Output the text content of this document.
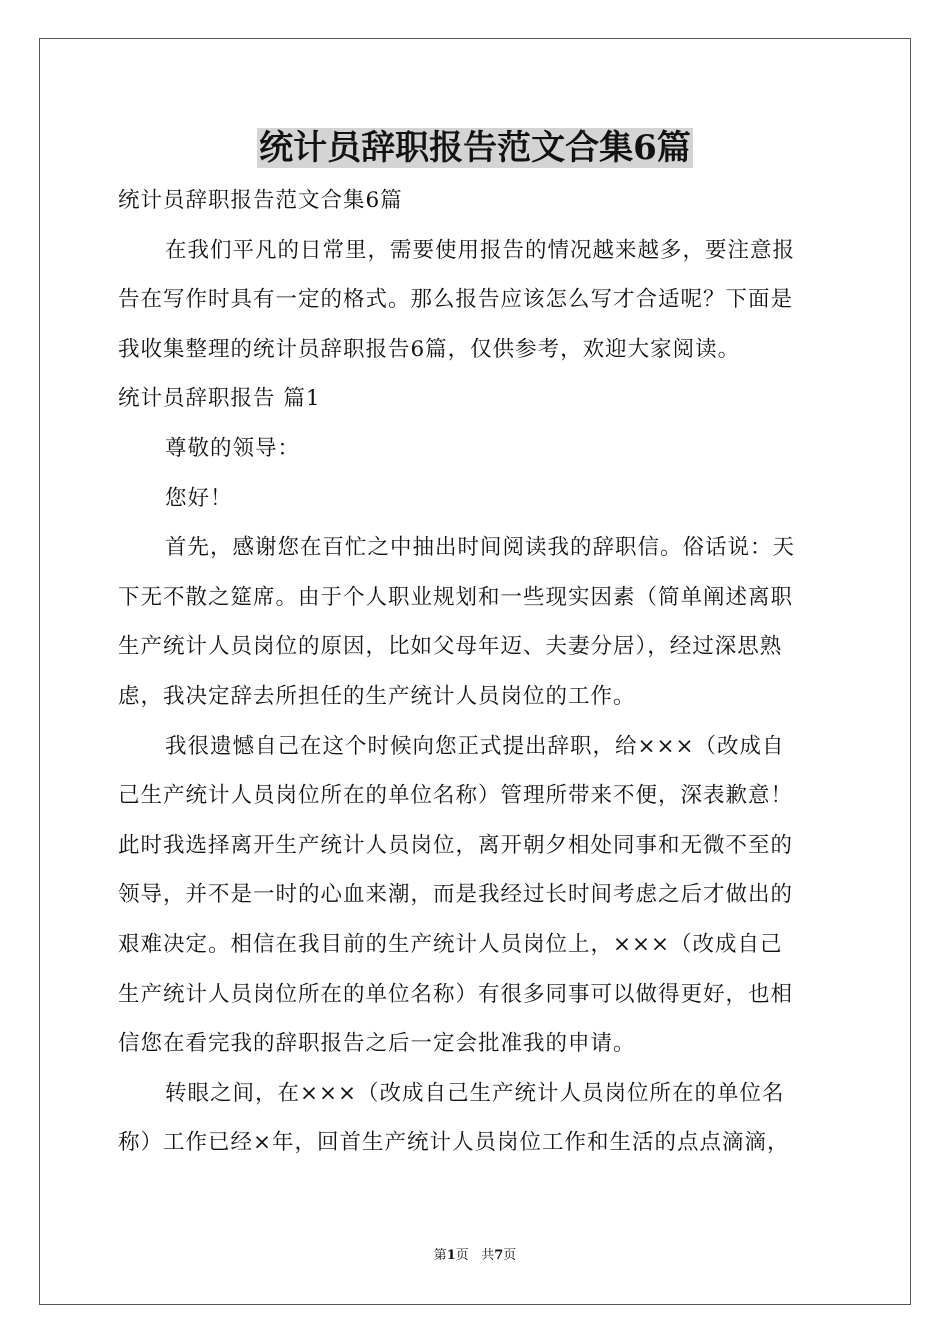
统计员辞职报告范文合集6篇
统计员辞职报告范文合集6篇
在我们平凡的日常里，需要使用报告的情况越来越多，要注意报
告在写作时具有一定的格式。那么报告应该怎么写才合适呢？下面是
我收集整理的统计员辞职报告6篇，仅供参考，欢迎大家阅读。
统计员辞职报告 篇1
尊敬的领导：
您好！
首先，感谢您在百忙之中抽出时间阅读我的辞职信。俗话说：天
下无不散之筵席。由于个人职业规划和一些现实因素（简单阐述离职
生产统计人员岗位的原因，比如父母年迈、夫妻分居），经过深思熟
虑，我决定辞去所担任的生产统计人员岗位的工作。
我很遗憾自己在这个时候向您正式提出辞职，给×××（改成自
己生产统计人员岗位所在的单位名称）管理所带来不便，深表歉意！
此时我选择离开生产统计人员岗位，离开朝夕相处同事和无微不至的
领导，并不是一时的心血来潮，而是我经过长时间考虑之后才做出的
艰难决定。相信在我目前的生产统计人员岗位上，×××（改成自己
生产统计人员岗位所在的单位名称）有很多同事可以做得更好，也相
信您在看完我的辞职报告之后一定会批准我的申请。
转眼之间，在×××（改成自己生产统计人员岗位所在的单位名
称）工作已经×年，回首生产统计人员岗位工作和生活的点点滴滴，
第1页 共7页
